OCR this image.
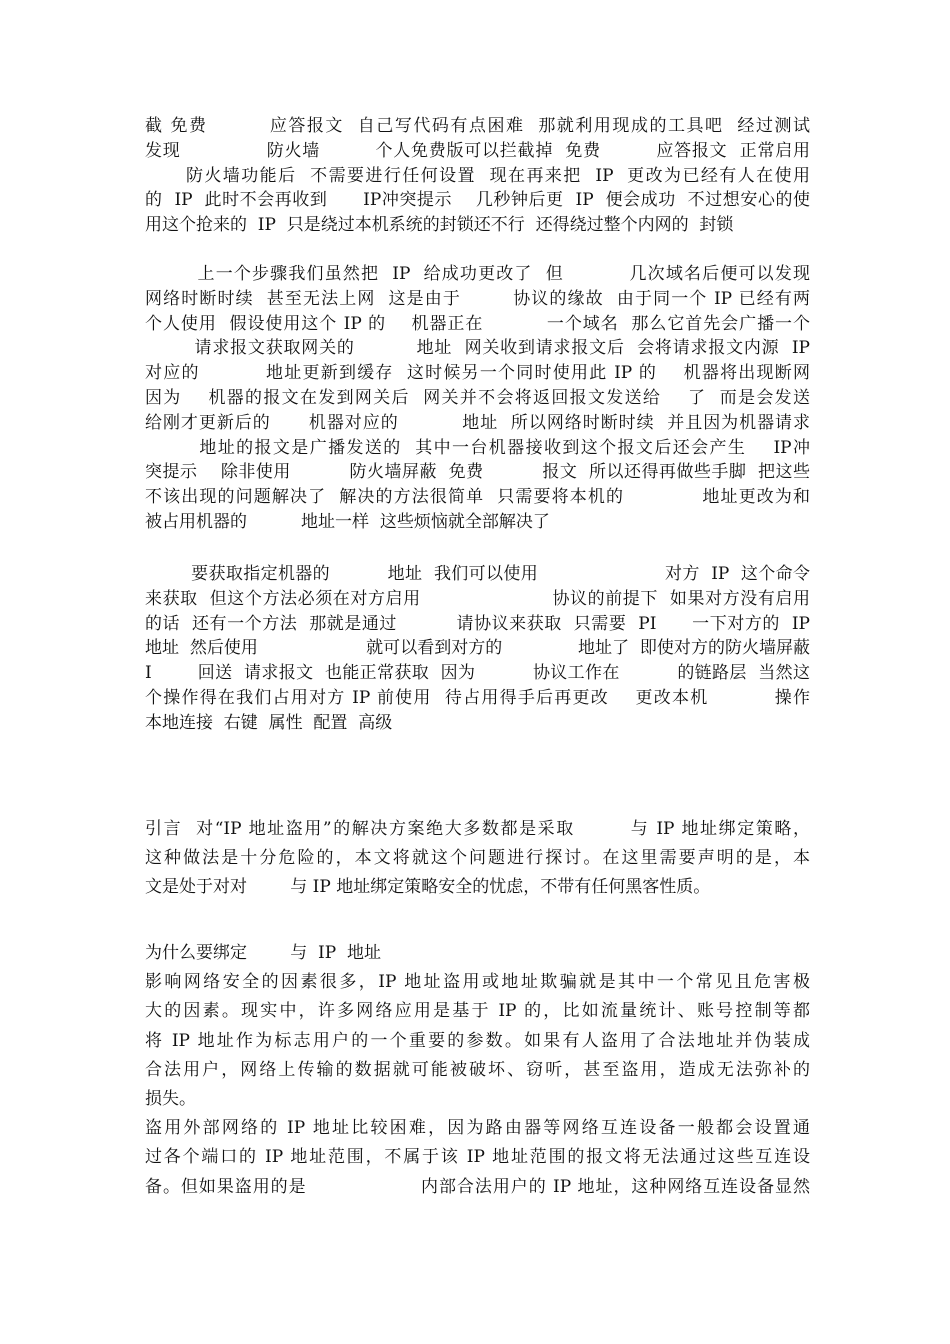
截 免费         应答报文  自己写代码有点困难  那就利用现成的工具吧  经过测试
发现              防火墙         个人免费版可以拦截掉  免费         应答报文  正常启用
防火墙功能后  不需要进行任何设置  现在再来把  IP  更改为已经有人在使用
的  IP  此时不会再收到      IP冲突提示    几秒钟后更  IP  便会成功  不过想安心的使
用这个抢来的  IP  只是绕过本机系统的封锁还不行  还得绕过整个内网的  封锁
上一个步骤我们虽然把  IP  给成功更改了  但          几次域名后便可以发现
网络时断时续  甚至无法上网  这是由于        协议的缘故  由于同一个 IP 已经有两
个人使用  假设使用这个 IP 的    机器正在          一个域名  那么它首先会广播一个
请求报文获取网关的          地址  网关收到请求报文后  会将请求报文内源  IP
对应的          地址更新到缓存  这时候另一个同时使用此 IP 的    机器将出现断网
因为    机器的报文在发到网关后  网关并不会将返回报文发送给    了  而是会发送
给刚才更新后的      机器对应的          地址  所以网络时断时续  并且因为机器请求
地址的报文是广播发送的  其中一台机器接收到这个报文后还会产生    IP冲
突提示    除非使用          防火墙屏蔽  免费          报文  所以还得再做些手脚  把这些
不该出现的问题解决了  解决的方法很简单  只需要将本机的            地址更改为和
被占用机器的          地址一样  这些烦恼就全部解决了
要获取指定机器的          地址  我们可以使用                      对方  IP  这个命令
来获取  但这个方法必须在对方启用                      协议的前提下  如果对方没有启用
的话  还有一个方法  那就是通过          请协议来获取  只需要  PI      一下对方的  IP
地址  然后使用                    就可以看到对方的              地址了  即使对方的防火墙屏蔽
I        回送  请求报文  也能正常获取  因为          协议工作在          的链路层  当然这
个操作得在我们占用对方 IP 前使用  待占用得手后再更改    更改本机          操作
本地连接  右键  属性  配置  高级
引言  对“IP 地址盗用”的解决方案绝大多数都是采取        与 IP 地址绑定策略，
这种做法是十分危险的，本文将就这个问题进行探讨。在这里需要声明的是，本
文是处于对对        与 IP 地址绑定策略安全的忧虑，不带有任何黑客性质。
为什么要绑定        与  IP  地址
影响网络安全的因素很多，IP 地址盗用或地址欺骗就是其中一个常见且危害极
大的因素。现实中，许多网络应用是基于 IP 的，比如流量统计、账号控制等都
将 IP 地址作为标志用户的一个重要的参数。如果有人盗用了合法地址并伪装成
合法用户，网络上传输的数据就可能被破坏、窃听，甚至盗用，造成无法弥补的
损失。
盗用外部网络的 IP 地址比较困难，因为路由器等网络互连设备一般都会设置通
过各个端口的 IP 地址范围，不属于该 IP 地址范围的报文将无法通过这些互连设
备。但如果盗用的是                  内部合法用户的 IP 地址，这种网络互连设备显然
